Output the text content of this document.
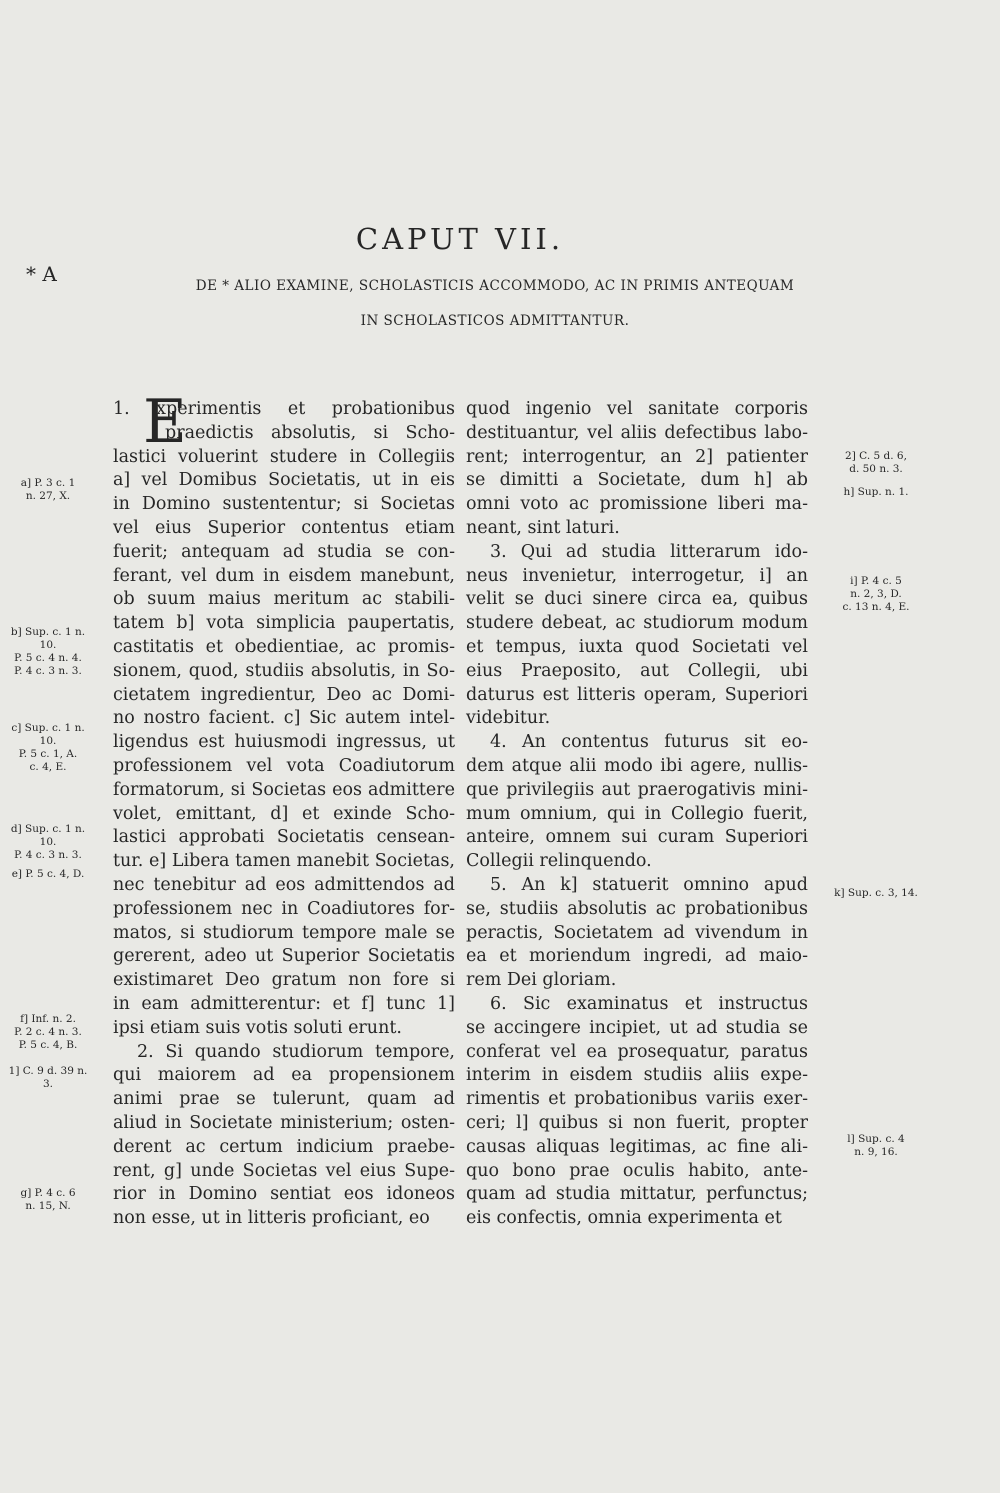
* A
CAPUT VII.
DE * ALIO EXAMINE, SCHOLASTICIS ACCOMMODO, AC IN PRIMIS ANTEQUAM
IN SCHOLASTICOS ADMITTANTUR.
E
1. xperimentis et probationibus
praedictis absolutis, si Scho-
lastici voluerint studere in Collegiis
a] vel Domibus Societatis, ut in eis
in Domino sustententur; si Societas
vel eius Superior contentus etiam
fuerit; antequam ad studia se con-
ferant, vel dum in eisdem manebunt,
ob suum maius meritum ac stabili-
tatem b] vota simplicia paupertatis,
castitatis et obedientiae, ac promis-
sionem, quod, studiis absolutis, in So-
cietatem ingredientur, Deo ac Domi-
no nostro facient. c] Sic autem intel-
ligendus est huiusmodi ingressus, ut
professionem vel vota Coadiutorum
formatorum, si Societas eos admittere
volet, emittant, d] et exinde Scho-
lastici approbati Societatis censean-
tur. e] Libera tamen manebit Societas,
nec tenebitur ad eos admittendos ad
professionem nec in Coadiutores for-
matos, si studiorum tempore male se
gererent, adeo ut Superior Societatis
existimaret Deo gratum non fore si
in eam admitterentur: et f] tunc 1]
ipsi etiam suis votis soluti erunt.
2. Si quando studiorum tempore,
qui maiorem ad ea propensionem
animi prae se tulerunt, quam ad
aliud in Societate ministerium; osten-
derent ac certum indicium praebe-
rent, g] unde Societas vel eius Supe-
rior in Domino sentiat eos idoneos
non esse, ut in litteris proficiant, eo
quod ingenio vel sanitate corporis
destituantur, vel aliis defectibus labo-
rent; interrogentur, an 2] patienter
se dimitti a Societate, dum h] ab
omni voto ac promissione liberi ma-
neant, sint laturi.
3. Qui ad studia litterarum ido-
neus invenietur, interrogetur, i] an
velit se duci sinere circa ea, quibus
studere debeat, ac studiorum modum
et tempus, iuxta quod Societati vel
eius Praeposito, aut Collegii, ubi
daturus est litteris operam, Superiori
videbitur.
4. An contentus futurus sit eo-
dem atque alii modo ibi agere, nullis-
que privilegiis aut praerogativis mini-
mum omnium, qui in Collegio fuerit,
anteire, omnem sui curam Superiori
Collegii relinquendo.
5. An k] statuerit omnino apud
se, studiis absolutis ac probationibus
peractis, Societatem ad vivendum in
ea et moriendum ingredi, ad maio-
rem Dei gloriam.
6. Sic examinatus et instructus
se accingere incipiet, ut ad studia se
conferat vel ea prosequatur, paratus
interim in eisdem studiis aliis expe-
rimentis et probationibus variis exer-
ceri; l] quibus si non fuerit, propter
causas aliquas legitimas, ac fine ali-
quo bono prae oculis habito, ante-
quam ad studia mittatur, perfunctus;
eis confectis, omnia experimenta et
a] P. 3 c. 1
n. 27, X.
b] Sup. c. 1 n. 10.
P. 5 c. 4 n. 4.
P. 4 c. 3 n. 3.
c] Sup. c. 1 n. 10.
P. 5 c. 1, A.
c. 4, E.
d] Sup. c. 1 n. 10.
P. 4 c. 3 n. 3.
e] P. 5 c. 4, D.
f] Inf. n. 2.
P. 2 c. 4 n. 3.
P. 5 c. 4, B.
1] C. 9 d. 39 n. 3.
g] P. 4 c. 6
n. 15, N.
2] C. 5 d. 6,
d. 50 n. 3.
h] Sup. n. 1.
i] P. 4 c. 5
n. 2, 3, D.
c. 13 n. 4, E.
k] Sup. c. 3, 14.
l] Sup. c. 4
n. 9, 16.
